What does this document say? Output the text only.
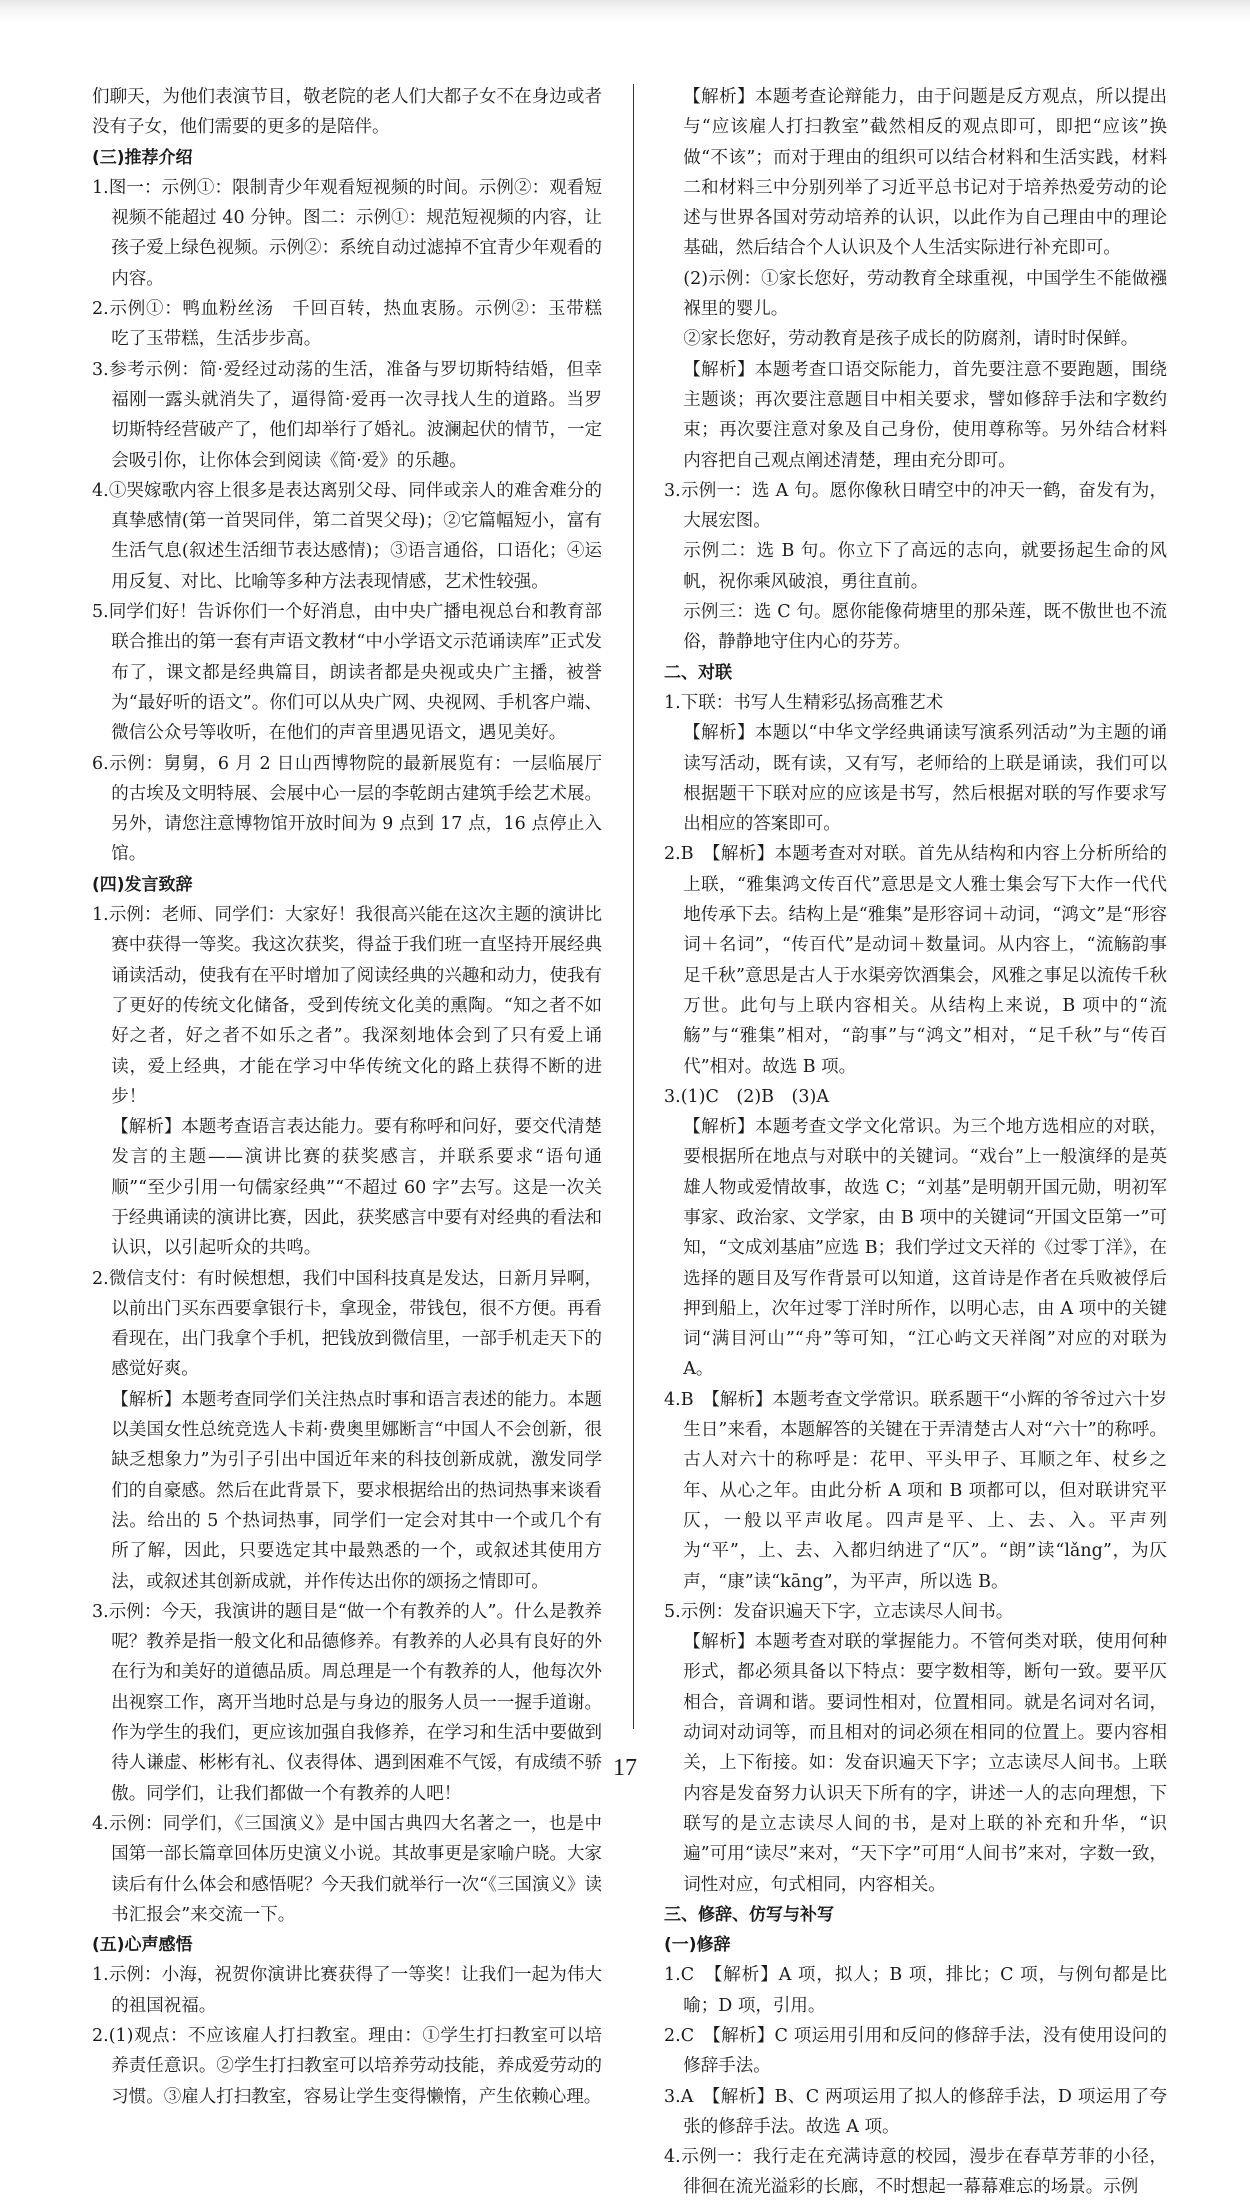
们聊天，为他们表演节目，敬老院的老人们大都子女不在身边或者没有子女，他们需要的更多的是陪伴。

(三)推荐介绍

1.图一：示例①：限制青少年观看短视频的时间。示例②：观看短视频不能超过 40 分钟。图二：示例①：规范短视频的内容，让孩子爱上绿色视频。示例②：系统自动过滤掉不宜青少年观看的内容。

2.示例①：鸭血粉丝汤　千回百转，热血衷肠。示例②：玉带糕　吃了玉带糕，生活步步高。

3.参考示例：简·爱经过动荡的生活，准备与罗切斯特结婚，但幸福刚一露头就消失了，逼得简·爱再一次寻找人生的道路。当罗切斯特经营破产了，他们却举行了婚礼。波澜起伏的情节，一定会吸引你，让你体会到阅读《简·爱》的乐趣。

4.①哭嫁歌内容上很多是表达离别父母、同伴或亲人的难舍难分的真挚感情(第一首哭同伴，第二首哭父母)；②它篇幅短小，富有生活气息(叙述生活细节表达感情)；③语言通俗，口语化；④运用反复、对比、比喻等多种方法表现情感，艺术性较强。

5.同学们好！告诉你们一个好消息，由中央广播电视总台和教育部联合推出的第一套有声语文教材“中小学语文示范诵读库”正式发布了，课文都是经典篇目，朗读者都是央视或央广主播，被誉为“最好听的语文”。你们可以从央广网、央视网、手机客户端、微信公众号等收听，在他们的声音里遇见语文，遇见美好。

6.示例：舅舅，6 月 2 日山西博物院的最新展览有：一层临展厅的古埃及文明特展、会展中心一层的李乾朗古建筑手绘艺术展。另外，请您注意博物馆开放时间为 9 点到 17 点，16 点停止入馆。

(四)发言致辞

1.示例：老师、同学们：大家好！我很高兴能在这次主题的演讲比赛中获得一等奖。我这次获奖，得益于我们班一直坚持开展经典诵读活动，使我有在平时增加了阅读经典的兴趣和动力，使我有了更好的传统文化储备，受到传统文化美的熏陶。“知之者不如好之者，好之者不如乐之者”。我深刻地体会到了只有爱上诵读，爱上经典，才能在学习中华传统文化的路上获得不断的进步！

【解析】本题考查语言表达能力。要有称呼和问好，要交代清楚发言的主题——演讲比赛的获奖感言，并联系要求“语句通顺”“至少引用一句儒家经典”“不超过 60 字”去写。这是一次关于经典诵读的演讲比赛，因此，获奖感言中要有对经典的看法和认识，以引起听众的共鸣。

2.微信支付：有时候想想，我们中国科技真是发达，日新月异啊，以前出门买东西要拿银行卡，拿现金，带钱包，很不方便。再看看现在，出门我拿个手机，把钱放到微信里，一部手机走天下的感觉好爽。

【解析】本题考查同学们关注热点时事和语言表述的能力。本题以美国女性总统竞选人卡莉·费奥里娜断言“中国人不会创新，很缺乏想象力”为引子引出中国近年来的科技创新成就，激发同学们的自豪感。然后在此背景下，要求根据给出的热词热事来谈看法。给出的 5 个热词热事，同学们一定会对其中一个或几个有所了解，因此，只要选定其中最熟悉的一个，或叙述其使用方法，或叙述其创新成就，并作传达出你的颂扬之情即可。

3.示例：今天，我演讲的题目是“做一个有教养的人”。什么是教养呢？教养是指一般文化和品德修养。有教养的人必具有良好的外在行为和美好的道德品质。周总理是一个有教养的人，他每次外出视察工作，离开当地时总是与身边的服务人员一一握手道谢。作为学生的我们，更应该加强自我修养，在学习和生活中要做到待人谦虚、彬彬有礼、仪表得体、遇到困难不气馁，有成绩不骄傲。同学们，让我们都做一个有教养的人吧！

4.示例：同学们，《三国演义》是中国古典四大名著之一，也是中国第一部长篇章回体历史演义小说。其故事更是家喻户晓。大家读后有什么体会和感悟呢？今天我们就举行一次“《三国演义》读书汇报会”来交流一下。

(五)心声感悟

1.示例：小海，祝贺你演讲比赛获得了一等奖！让我们一起为伟大的祖国祝福。

2.(1)观点：不应该雇人打扫教室。理由：①学生打扫教室可以培养责任意识。②学生打扫教室可以培养劳动技能，养成爱劳动的习惯。③雇人打扫教室，容易让学生变得懒惰，产生依赖心理。

【解析】本题考查论辩能力，由于问题是反方观点，所以提出与“应该雇人打扫教室”截然相反的观点即可，即把“应该”换做“不该”；而对于理由的组织可以结合材料和生活实践，材料二和材料三中分别列举了习近平总书记对于培养热爱劳动的论述与世界各国对劳动培养的认识，以此作为自己理由中的理论基础，然后结合个人认识及个人生活实际进行补充即可。

(2)示例：①家长您好，劳动教育全球重视，中国学生不能做襁褓里的婴儿。

②家长您好，劳动教育是孩子成长的防腐剂，请时时保鲜。

【解析】本题考查口语交际能力，首先要注意不要跑题，围绕主题谈；再次要注意题目中相关要求，譬如修辞手法和字数约束；再次要注意对象及自己身份，使用尊称等。另外结合材料内容把自己观点阐述清楚，理由充分即可。

3.示例一：选 A 句。愿你像秋日晴空中的冲天一鹤，奋发有为，大展宏图。

示例二：选 B 句。你立下了高远的志向，就要扬起生命的风帆，祝你乘风破浪，勇往直前。

示例三：选 C 句。愿你能像荷塘里的那朵莲，既不傲世也不流俗，静静地守住内心的芬芳。

二、对联

1.下联：书写人生精彩弘扬高雅艺术

【解析】本题以“中华文学经典诵读写演系列活动”为主题的诵读写活动，既有读，又有写，老师给的上联是诵读，我们可以根据题干下联对应的应该是书写，然后根据对联的写作要求写出相应的答案即可。

2.B　【解析】本题考查对对联。首先从结构和内容上分析所给的上联，“雅集鸿文传百代”意思是文人雅士集会写下大作一代代地传承下去。结构上是“雅集”是形容词＋动词，“鸿文”是“形容词＋名词”，“传百代”是动词＋数量词。从内容上，“流觞韵事足千秋”意思是古人于水渠旁饮酒集会，风雅之事足以流传千秋万世。此句与上联内容相关。从结构上来说，B 项中的“流觞”与“雅集”相对，“韵事”与“鸿文”相对，“足千秋”与“传百代”相对。故选 B 项。

3.(1)C　(2)B　(3)A

【解析】本题考查文学文化常识。为三个地方选相应的对联，要根据所在地点与对联中的关键词。“戏台”上一般演绎的是英雄人物或爱情故事，故选 C；“刘基”是明朝开国元勋，明初军事家、政治家、文学家，由 B 项中的关键词“开国文臣第一”可知，“文成刘基庙”应选 B；我们学过文天祥的《过零丁洋》，在选择的题目及写作背景可以知道，这首诗是作者在兵败被俘后押到船上，次年过零丁洋时所作，以明心志，由 A 项中的关键词“满目河山”“舟”等可知，“江心屿文天祥阁”对应的对联为 A。

4.B　【解析】本题考查文学常识。联系题干“小辉的爷爷过六十岁生日”来看，本题解答的关键在于弄清楚古人对“六十”的称呼。古人对六十的称呼是：花甲、平头甲子、耳顺之年、杖乡之年、从心之年。由此分析 A 项和 B 项都可以，但对联讲究平仄，一般以平声收尾。四声是平、上、去、入。平声列为“平”，上、去、入都归纳进了“仄”。“朗”读“lǎng”，为仄声，“康”读“kāng”，为平声，所以选 B。

5.示例：发奋识遍天下字，立志读尽人间书。

【解析】本题考查对联的掌握能力。不管何类对联，使用何种形式，都必须具备以下特点：要字数相等，断句一致。要平仄相合，音调和谐。要词性相对，位置相同。就是名词对名词，动词对动词等，而且相对的词必须在相同的位置上。要内容相关，上下衔接。如：发奋识遍天下字；立志读尽人间书。上联内容是发奋努力认识天下所有的字，讲述一人的志向理想，下联写的是立志读尽人间的书，是对上联的补充和升华，“识遍”可用“读尽”来对，“天下字”可用“人间书”来对，字数一致，词性对应，句式相同，内容相关。

三、修辞、仿写与补写

(一)修辞

1.C　【解析】A 项，拟人；B 项，排比；C 项，与例句都是比喻；D 项，引用。

2.C　【解析】C 项运用引用和反问的修辞手法，没有使用设问的修辞手法。

3.A　【解析】B、C 两项运用了拟人的修辞手法，D 项运用了夸张的修辞手法。故选 A 项。

4.示例一：我行走在充满诗意的校园，漫步在春草芳菲的小径，徘徊在流光溢彩的长廊，不时想起一幕幕难忘的场景。示例

17
